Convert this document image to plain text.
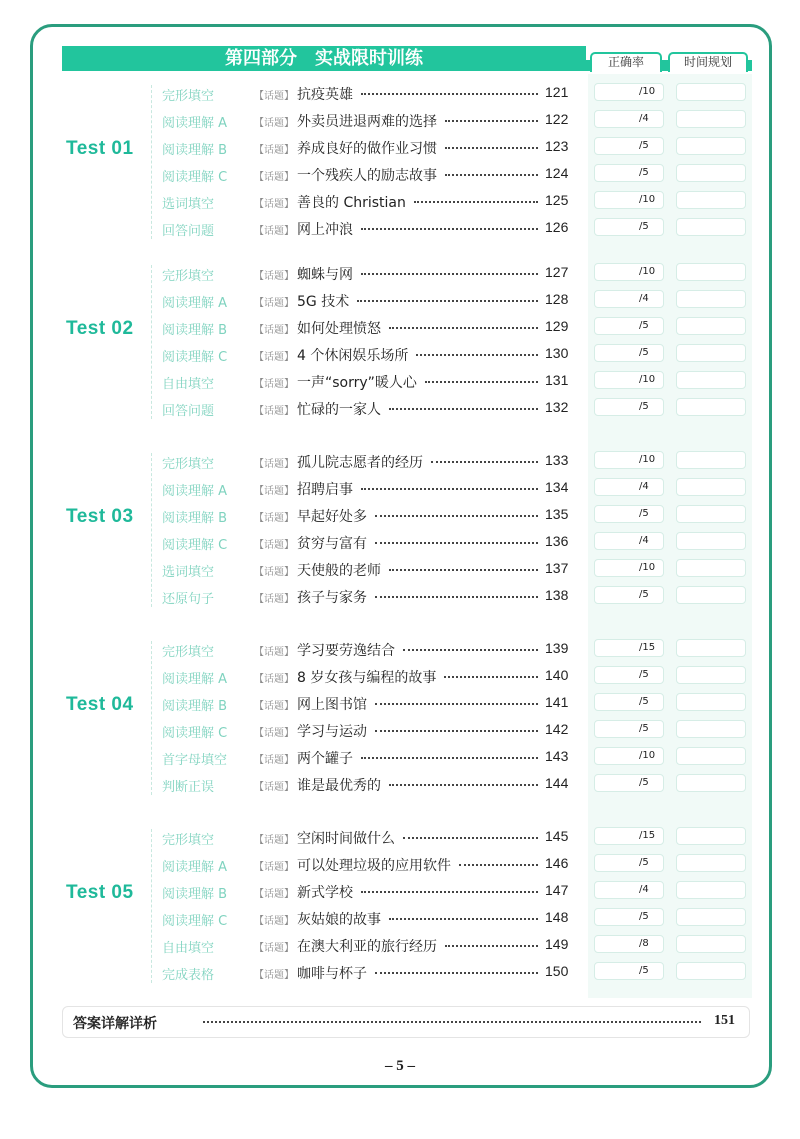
第四部分　实战限时训练	正确率	时间规划
Test 01
完形填空	【话题】 抗疫英雄	121	/10
阅读理解 A	【话题】 外卖员进退两难的选择	122	/4
阅读理解 B	【话题】 养成良好的做作业习惯	123	/5
阅读理解 C	【话题】 一个残疾人的励志故事	124	/5
选词填空	【话题】 善良的 Christian	125	/10
回答问题	【话题】 网上冲浪	126	/5
Test 02
完形填空	【话题】 蜘蛛与网	127	/10
阅读理解 A	【话题】 5G 技术	128	/4
阅读理解 B	【话题】 如何处理愤怒	129	/5
阅读理解 C	【话题】 4 个休闲娱乐场所	130	/5
自由填空	【话题】 一声“sorry”暖人心	131	/10
回答问题	【话题】 忙碌的一家人	132	/5
Test 03
完形填空	【话题】 孤儿院志愿者的经历	133	/10
阅读理解 A	【话题】 招聘启事	134	/4
阅读理解 B	【话题】 早起好处多	135	/5
阅读理解 C	【话题】 贫穷与富有	136	/4
选词填空	【话题】 天使般的老师	137	/10
还原句子	【话题】 孩子与家务	138	/5
Test 04
完形填空	【话题】 学习要劳逸结合	139	/15
阅读理解 A	【话题】 8 岁女孩与编程的故事	140	/5
阅读理解 B	【话题】 网上图书馆	141	/5
阅读理解 C	【话题】 学习与运动	142	/5
首字母填空	【话题】 两个罐子	143	/10
判断正误	【话题】 谁是最优秀的	144	/5
Test 05
完形填空	【话题】 空闲时间做什么	145	/15
阅读理解 A	【话题】 可以处理垃圾的应用软件	146	/5
阅读理解 B	【话题】 新式学校	147	/4
阅读理解 C	【话题】 灰姑娘的故事	148	/5
自由填空	【话题】 在澳大利亚的旅行经历	149	/8
完成表格	【话题】 咖啡与杯子	150	/5
答案详解详析	151
– 5 –
